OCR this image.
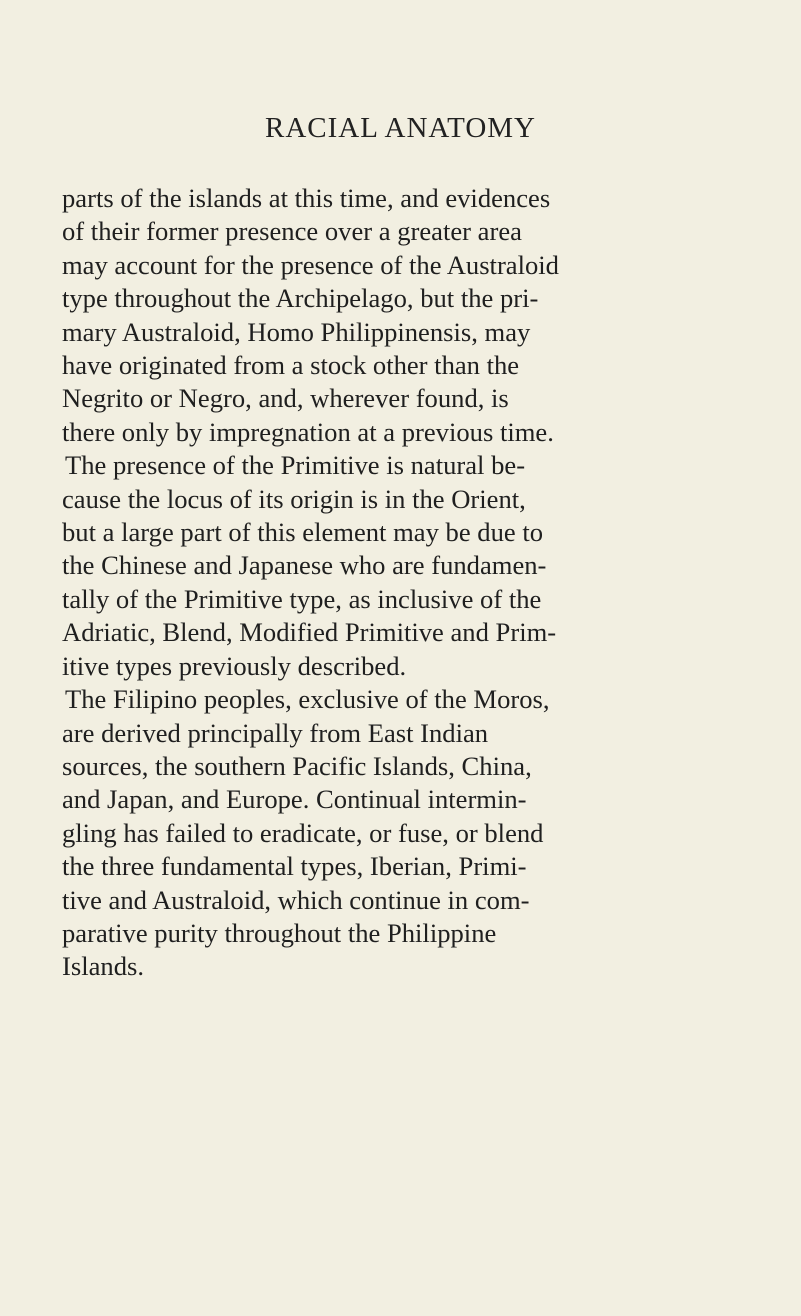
RACIAL ANATOMY
parts of the islands at this time, and evidences
of their former presence over a greater area
may account for the presence of the Australoid
type throughout the Archipelago, but the pri-
mary Australoid, Homo Philippinensis, may
have originated from a stock other than the
Negrito or Negro, and, wherever found, is
there only by impregnation at a previous time.
The presence of the Primitive is natural be-
cause the locus of its origin is in the Orient,
but a large part of this element may be due to
the Chinese and Japanese who are fundamen-
tally of the Primitive type, as inclusive of the
Adriatic, Blend, Modified Primitive and Prim-
itive types previously described.
The Filipino peoples, exclusive of the Moros,
are derived principally from East Indian
sources, the southern Pacific Islands, China,
and Japan, and Europe. Continual intermin-
gling has failed to eradicate, or fuse, or blend
the three fundamental types, Iberian, Primi-
tive and Australoid, which continue in com-
parative purity throughout the Philippine
Islands.
